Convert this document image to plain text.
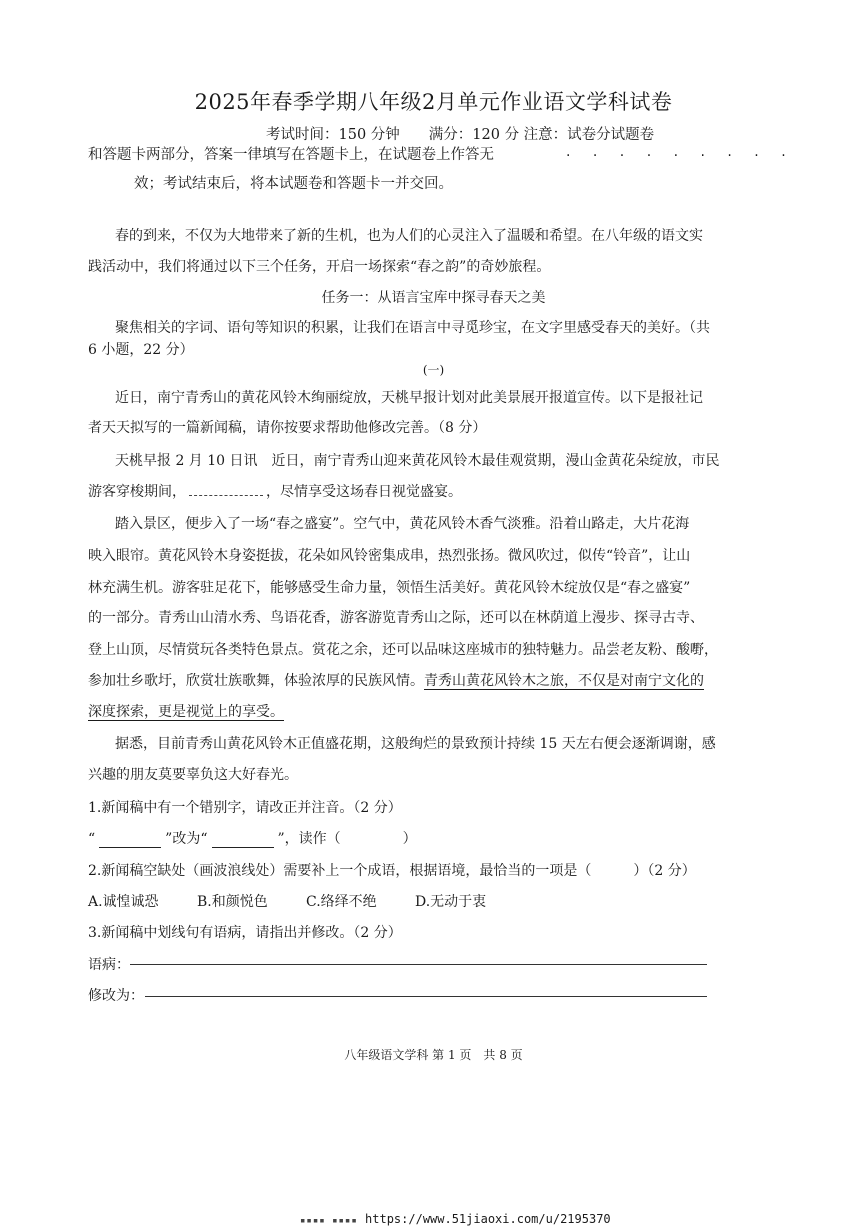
2025年春季学期八年级2月单元作业语文学科试卷
考试时间：150 分钟　　满分：120 分 注意：试卷分试题卷
和答题卡两部分，答案一律填写在答题卡上，在试题卷上作答无	· · · · · · · · ·
效；考试结束后，将本试题卷和答题卡一并交回。
春的到来，不仅为大地带来了新的生机，也为人们的心灵注入了温暖和希望。在八年级的语文实
践活动中，我们将通过以下三个任务，开启一场探索“春之韵”的奇妙旅程。
任务一：从语言宝库中探寻春天之美
聚焦相关的字词、语句等知识的积累，让我们在语言中寻觅珍宝，在文字里感受春天的美好。（共
6 小题，22 分）
(一)
近日，南宁青秀山的黄花风铃木绚丽绽放，天桃早报计划对此美景展开报道宣传。以下是报社记
者天天拟写的一篇新闻稿，请你按要求帮助他修改完善。（8 分）
天桃早报 2 月 10 日讯　近日，南宁青秀山迎来黄花风铃木最佳观赏期，漫山金黄花朵绽放，市民
游客穿梭期间，	，尽情享受这场春日视觉盛宴。
踏入景区，便步入了一场“春之盛宴”。空气中，黄花风铃木香气淡雅。沿着山路走，大片花海
映入眼帘。黄花风铃木身姿挺拔，花朵如风铃密集成串，热烈张扬。微风吹过，似传“铃音”，让山
林充满生机。游客驻足花下，能够感受生命力量，领悟生活美好。黄花风铃木绽放仅是“春之盛宴”
的一部分。青秀山山清水秀、鸟语花香，游客游览青秀山之际，还可以在林荫道上漫步、探寻古寺、
登上山顶，尽情赏玩各类特色景点。赏花之余，还可以品味这座城市的独特魅力。品尝老友粉、酸嘢，
参加壮乡歌圩，欣赏壮族歌舞，体验浓厚的民族风情。青秀山黄花风铃木之旅，不仅是对南宁文化的
深度探索，更是视觉上的享受。
据悉，目前青秀山黄花风铃木正值盛花期，这般绚烂的景致预计持续 15 天左右便会逐渐调谢，感
兴趣的朋友莫要辜负这大好春光。
1.新闻稿中有一个错别字，请改正并注音。（2 分）
“	”改为“	”，读作（	）
2.新闻稿空缺处（画波浪线处）需要补上一个成语，根据语境，最恰当的一项是（　　　）（2 分）
A.诚惶诚恐	B.和颜悦色	C.络绎不绝	D.无动于衷
3.新闻稿中划线句有语病，请指出并修改。（2 分）
语病：
修改为：
八年级语文学科 第 1 页　共 8 页
▪▪▪▪ ▪▪▪▪ https://www.51jiaoxi.com/u/2195370
